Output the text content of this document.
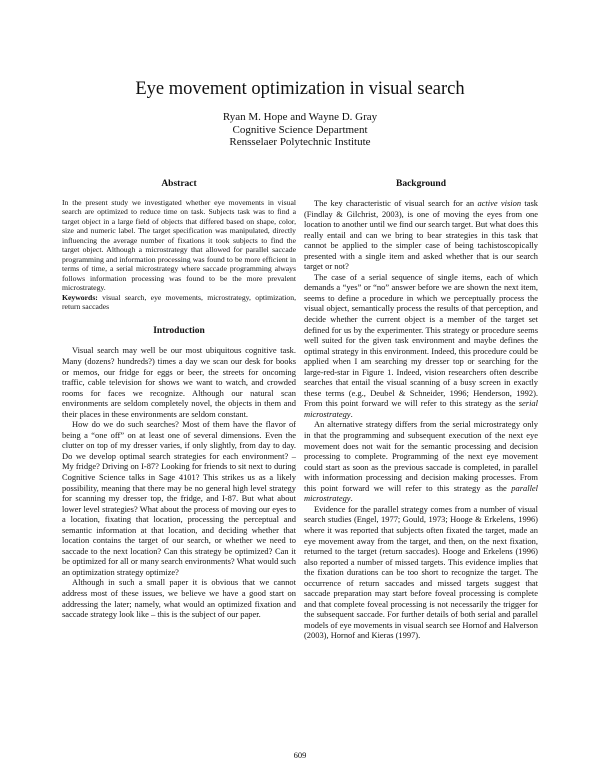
Eye movement optimization in visual search
Ryan M. Hope and Wayne D. Gray
Cognitive Science Department
Rensselaer Polytechnic Institute
Abstract

In the present study we investigated whether eye movements in visual search are optimized to reduce time on task. Subjects task was to find a target object in a large field of objects that differed based on shape, color, size and numeric label. The target specification was manipulated, directly influencing the average number of fixations it took subjects to find the target object. Although a microstrategy that allowed for parallel saccade programming and information processing was found to be more efficient in terms of time, a serial microstrategy where saccade programming always follows information processing was found to be the more prevalent microstrategy.

Keywords: visual search, eye movements, microstrategy, optimization, return saccades

Introduction

Visual search may well be our most ubiquitous cognitive task. Many (dozens? hundreds?) times a day we scan our desk for books or memos, our fridge for eggs or beer, the streets for oncoming traffic, cable television for shows we want to watch, and crowded rooms for faces we recognize. Although our natural scan environments are seldom completely novel, the objects in them and their places in these environments are seldom constant.

How do we do such searches? Most of them have the flavor of being a “one off” on at least one of several dimensions. Even the clutter on top of my dresser varies, if only slightly, from day to day. Do we develop optimal search strategies for each environment? – My fridge? Driving on I-87? Looking for friends to sit next to during Cognitive Science talks in Sage 4101? This strikes us as a likely possibility, meaning that there may be no general high level strategy for scanning my dresser top, the fridge, and I-87. But what about lower level strategies? What about the process of moving our eyes to a location, fixating that location, processing the perceptual and semantic information at that location, and deciding whether that location contains the target of our search, or whether we need to saccade to the next location? Can this strategy be optimized? Can it be optimized for all or many search environments? What would such an optimization strategy optimize?

Although in such a small paper it is obvious that we cannot address most of these issues, we believe we have a good start on addressing the later; namely, what would an optimized fixation and saccade strategy look like – this is the subject of our paper.

Background

The key characteristic of visual search for an active vision task (Findlay & Gilchrist, 2003), is one of moving the eyes from one location to another until we find our search target. But what does this really entail and can we bring to bear strategies in this task that cannot be applied to the simpler case of being tachistoscopically presented with a single item and asked whether that is our search target or not?

The case of a serial sequence of single items, each of which demands a “yes” or “no” answer before we are shown the next item, seems to define a procedure in which we perceptually process the visual object, semantically process the results of that perception, and decide whether the current object is a member of the target set defined for us by the experimenter. This strategy or procedure seems well suited for the given task environment and maybe defines the optimal strategy in this environment. Indeed, this procedure could be applied when I am searching my dresser top or searching for the large-red-star in Figure 1. Indeed, vision researchers often describe searches that entail the visual scanning of a busy screen in exactly these terms (e.g., Deubel & Schneider, 1996; Henderson, 1992). From this point forward we will refer to this strategy as the serial microstrategy.

An alternative strategy differs from the serial microstrategy only in that the programming and subsequent execution of the next eye movement does not wait for the semantic processing and decision processing to complete. Programming of the next eye movement could start as soon as the previous saccade is completed, in parallel with information processing and decision making processes. From this point forward we will refer to this strategy as the parallel microstrategy.

Evidence for the parallel strategy comes from a number of visual search studies (Engel, 1977; Gould, 1973; Hooge & Erkelens, 1996) where it was reported that subjects often fixated the target, made an eye movement away from the target, and then, on the next fixation, returned to the target (return saccades). Hooge and Erkelens (1996) also reported a number of missed targets. This evidence implies that the fixation durations can be too short to recognize the target. The occurrence of return saccades and missed targets suggest that saccade preparation may start before foveal processing is complete and that complete foveal processing is not necessarily the trigger for the subsequent saccade. For further details of both serial and parallel models of eye movements in visual search see Hornof and Halverson (2003), Hornof and Kieras (1997).

609
